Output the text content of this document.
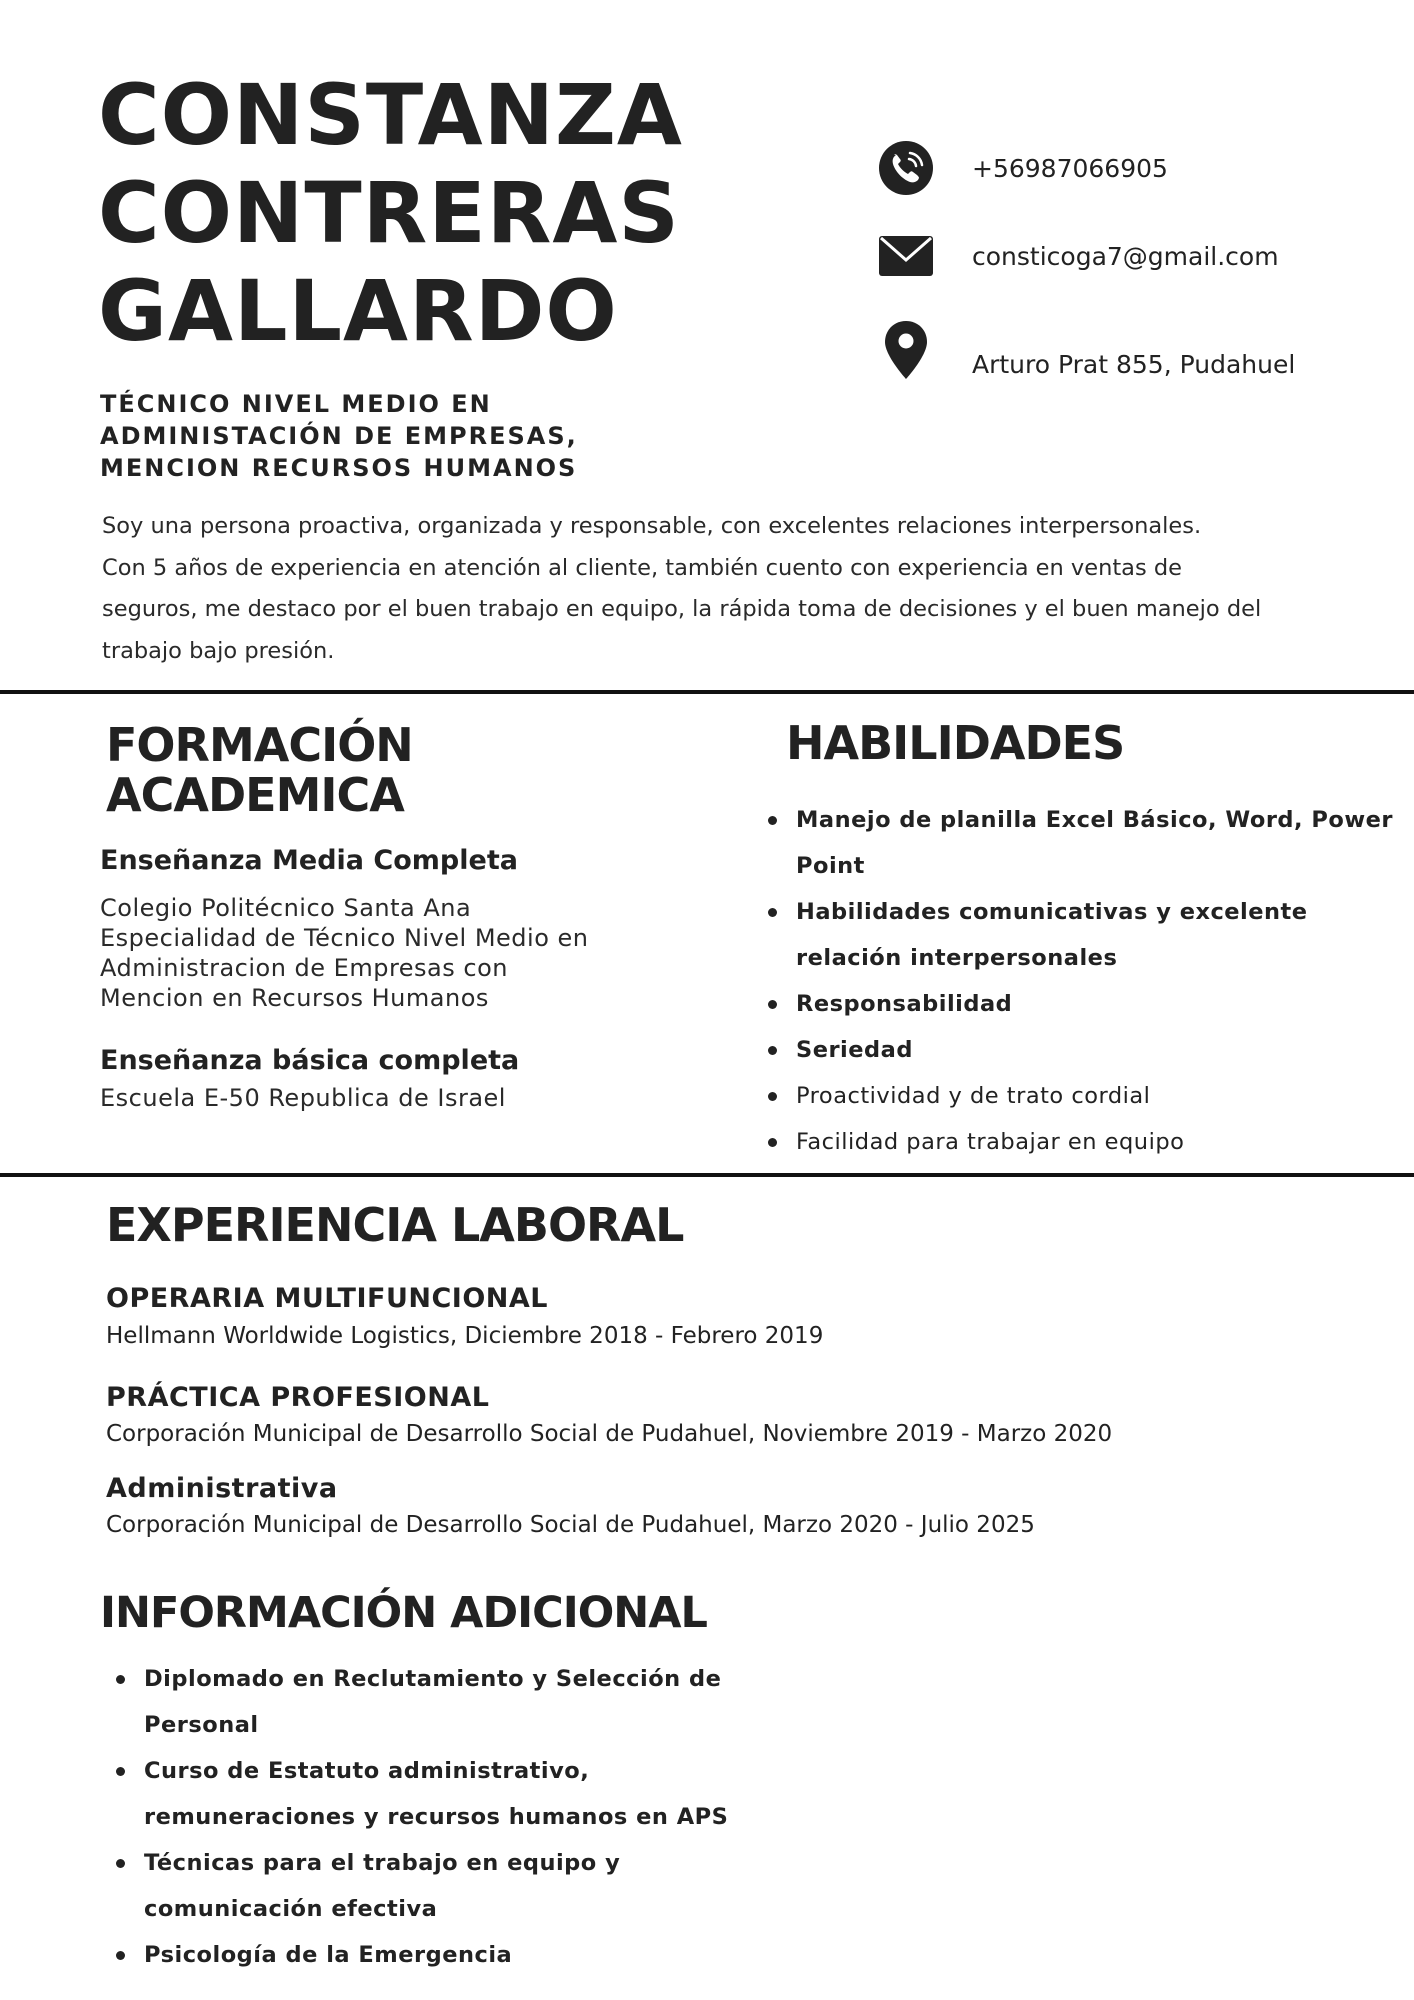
CONSTANZA
CONTRERAS
GALLARDO
TÉCNICO NIVEL MEDIO EN
ADMINISTACIÓN DE EMPRESAS,
MENCION RECURSOS HUMANOS
+56987066905
consticoga7@gmail.com
Arturo Prat 855, Pudahuel
Soy una persona proactiva, organizada y responsable, con excelentes relaciones interpersonales.
Con 5 años de experiencia en atención al cliente, también cuento con experiencia en ventas de
seguros, me destaco por el buen trabajo en equipo, la rápida toma de decisiones y el buen manejo del
trabajo bajo presión.
FORMACIÓN
ACADEMICA
Enseñanza Media Completa
Colegio Politécnico Santa Ana
Especialidad de Técnico Nivel Medio en
Administracion de Empresas con
Mencion en Recursos Humanos
Enseñanza básica completa
Escuela E-50 Republica de Israel
HABILIDADES
Manejo de planilla Excel Básico, Word, Power
Point
Habilidades comunicativas y excelente
relación interpersonales
Responsabilidad
Seriedad
Proactividad y de trato cordial
Facilidad para trabajar en equipo
EXPERIENCIA LABORAL
OPERARIA MULTIFUNCIONAL
Hellmann Worldwide Logistics, Diciembre 2018 - Febrero 2019
PRÁCTICA PROFESIONAL
Corporación Municipal de Desarrollo Social de Pudahuel, Noviembre 2019 - Marzo 2020
Administrativa
Corporación Municipal de Desarrollo Social de Pudahuel, Marzo 2020 - Julio 2025
INFORMACIÓN ADICIONAL
Diplomado en Reclutamiento y Selección de
Personal
Curso de Estatuto administrativo,
remuneraciones y recursos humanos en APS
Técnicas para el trabajo en equipo y
comunicación efectiva
Psicología de la Emergencia
